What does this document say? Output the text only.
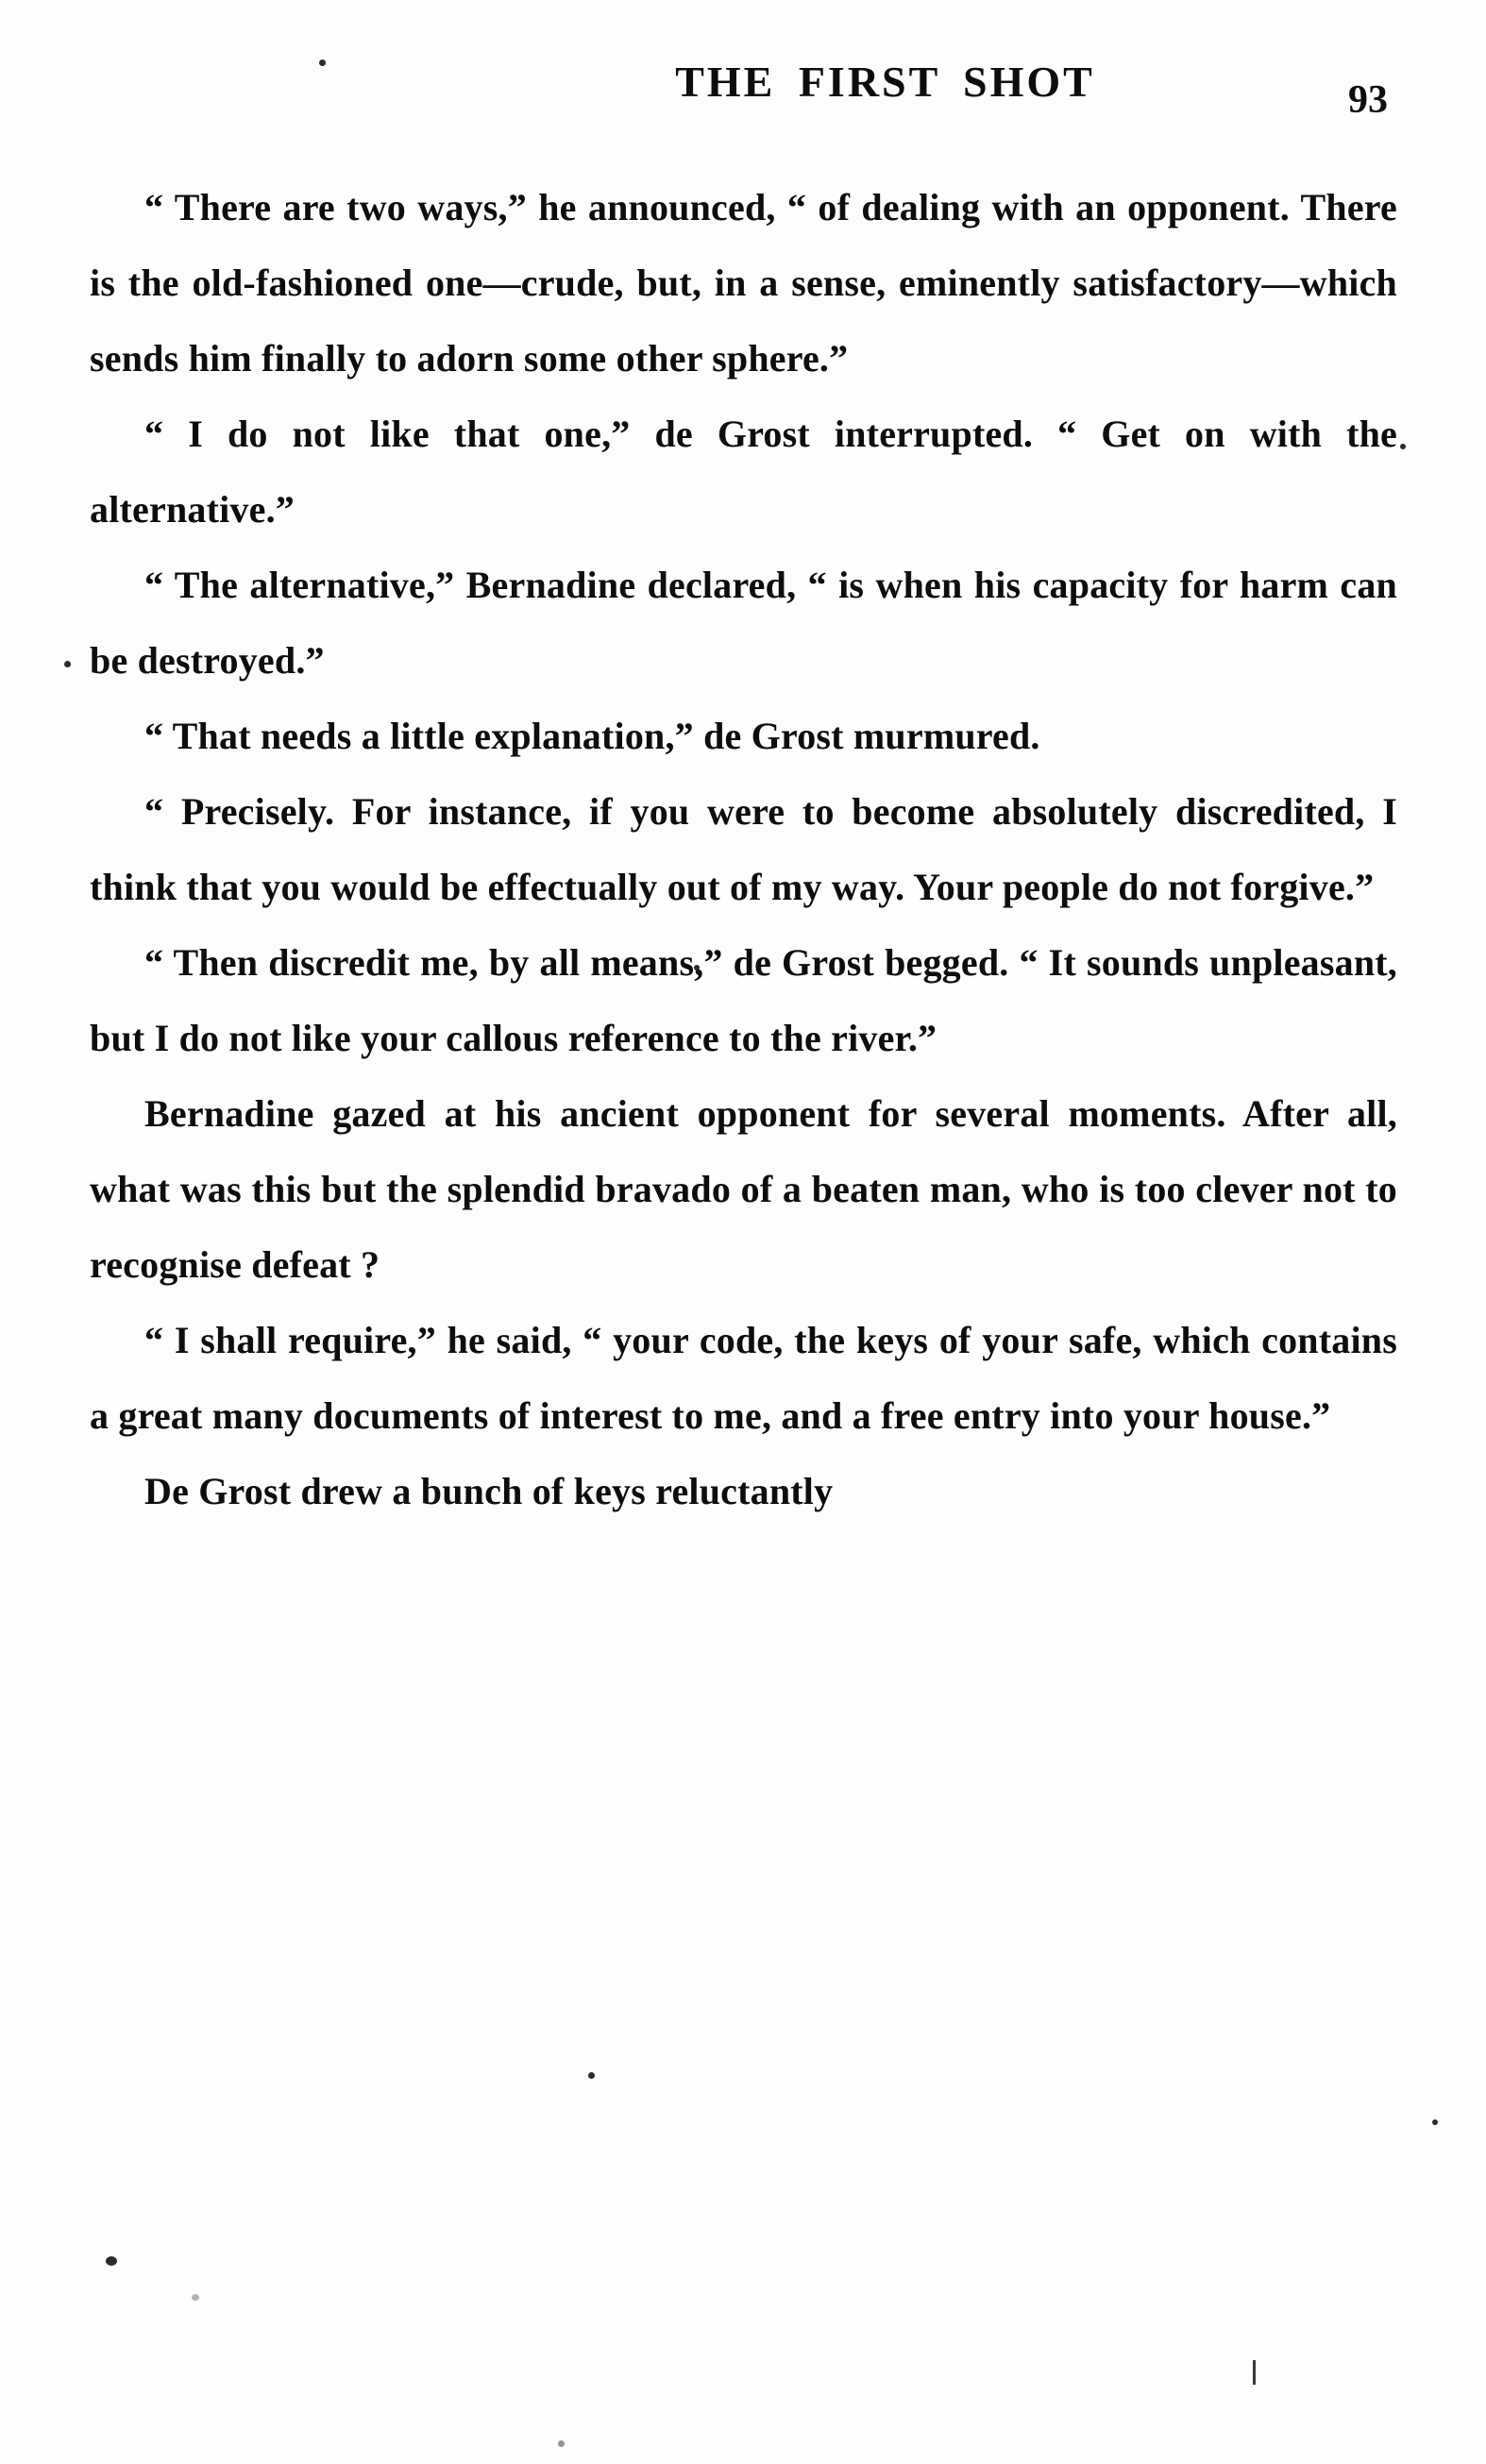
THE FIRST SHOT	93

“ There are two ways,” he announced, “ of dealing with an opponent. There is the old-fashioned one—crude, but, in a sense, eminently satisfactory—which sends him finally to adorn some other sphere.”

“ I do not like that one,” de Grost interrupted. “ Get on with the alternative.”

“ The alternative,” Bernadine declared, “ is when his capacity for harm can be destroyed.”

“ That needs a little explanation,” de Grost murmured.

“ Precisely. For instance, if you were to become absolutely discredited, I think that you would be effectually out of my way. Your people do not forgive.”

“ Then discredit me, by all means,” de Grost begged. “ It sounds unpleasant, but I do not like your callous reference to the river.”

Bernadine gazed at his ancient opponent for several moments. After all, what was this but the splendid bravado of a beaten man, who is too clever not to recognise defeat ?

“ I shall require,” he said, “ your code, the keys of your safe, which contains a great many documents of interest to me, and a free entry into your house.”

De Grost drew a bunch of keys reluctantly
